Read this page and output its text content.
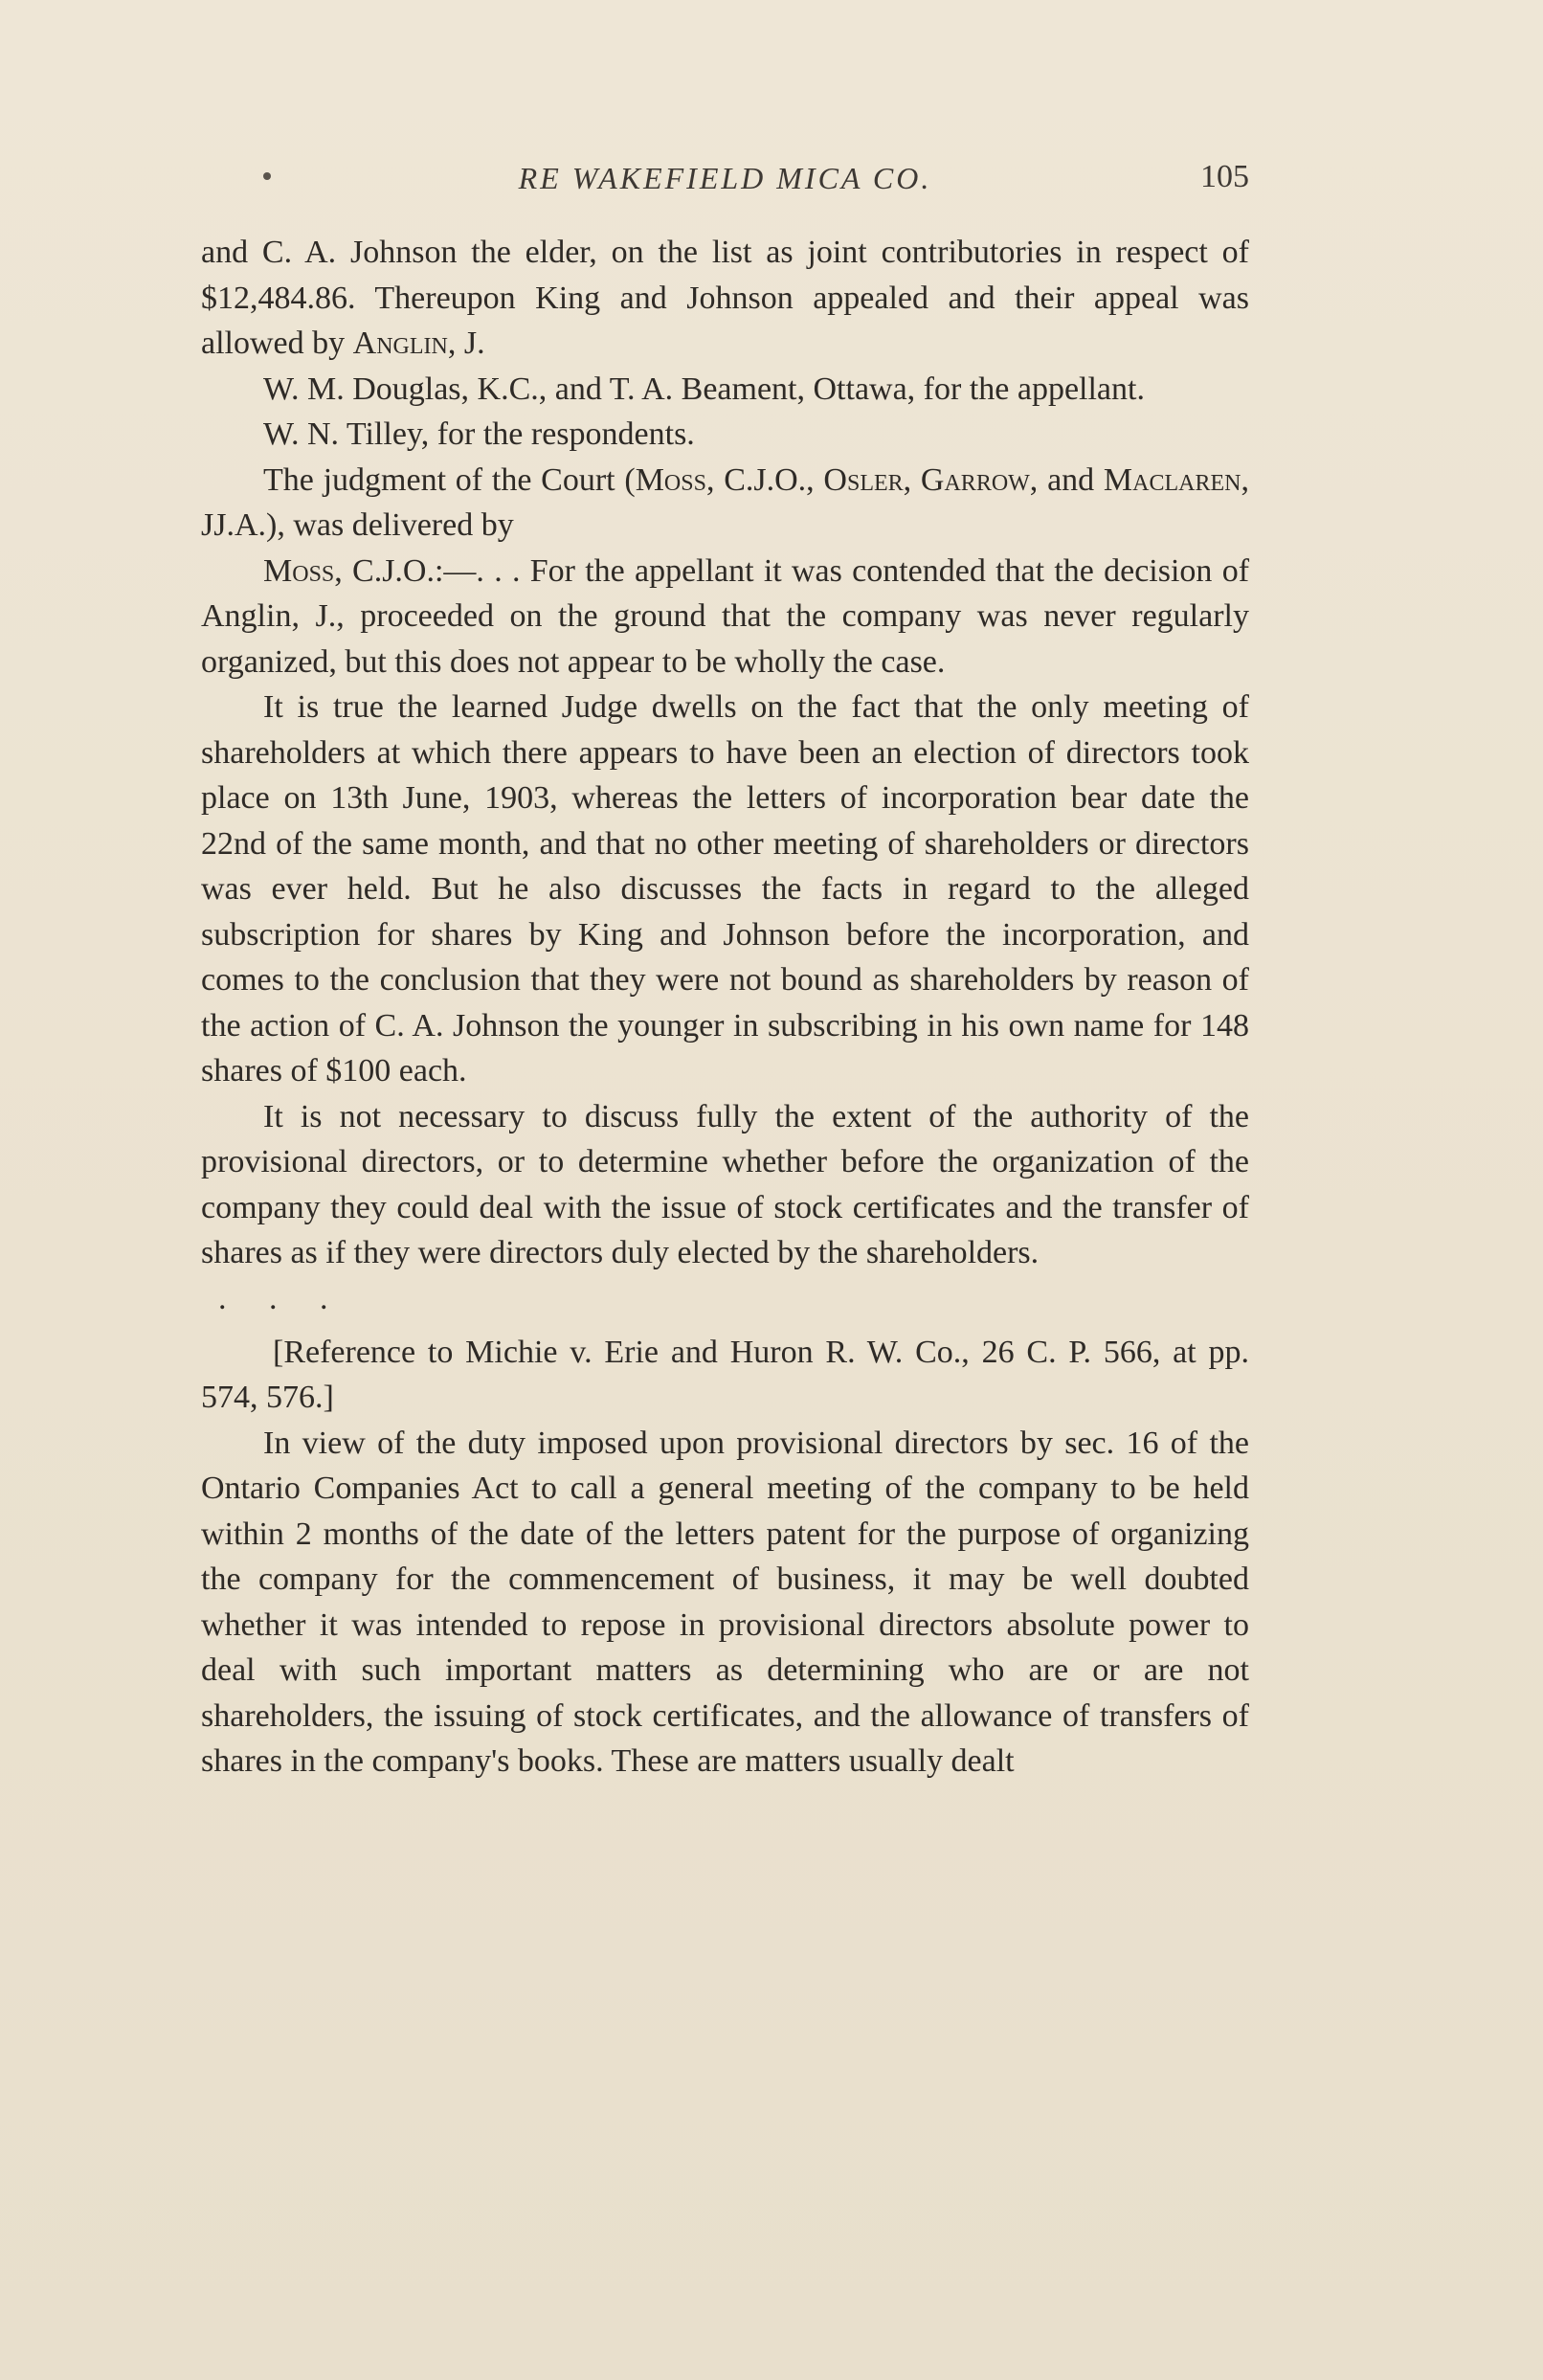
RE WAKEFIELD MICA CO.	105

and C. A. Johnson the elder, on the list as joint contributories in respect of $12,484.86. Thereupon King and Johnson appealed and their appeal was allowed by Anglin, J.

W. M. Douglas, K.C., and T. A. Beament, Ottawa, for the appellant.

W. N. Tilley, for the respondents.

The judgment of the Court (Moss, C.J.O., Osler, Garrow, and Maclaren, JJ.A.), was delivered by

Moss, C.J.O.:—. . . For the appellant it was contended that the decision of Anglin, J., proceeded on the ground that the company was never regularly organized, but this does not appear to be wholly the case.

It is true the learned Judge dwells on the fact that the only meeting of shareholders at which there appears to have been an election of directors took place on 13th June, 1903, whereas the letters of incorporation bear date the 22nd of the same month, and that no other meeting of shareholders or directors was ever held. But he also discusses the facts in regard to the alleged subscription for shares by King and Johnson before the incorporation, and comes to the conclusion that they were not bound as shareholders by reason of the action of C. A. Johnson the younger in subscribing in his own name for 148 shares of $100 each.

It is not necessary to discuss fully the extent of the authority of the provisional directors, or to determine whether before the organization of the company they could deal with the issue of stock certificates and the transfer of shares as if they were directors duly elected by the shareholders.

. . .

[Reference to Michie v. Erie and Huron R. W. Co., 26 C. P. 566, at pp. 574, 576.]

In view of the duty imposed upon provisional directors by sec. 16 of the Ontario Companies Act to call a general meeting of the company to be held within 2 months of the date of the letters patent for the purpose of organizing the company for the commencement of business, it may be well doubted whether it was intended to repose in provisional directors absolute power to deal with such important matters as determining who are or are not shareholders, the issuing of stock certificates, and the allowance of transfers of shares in the company's books. These are matters usually dealt
